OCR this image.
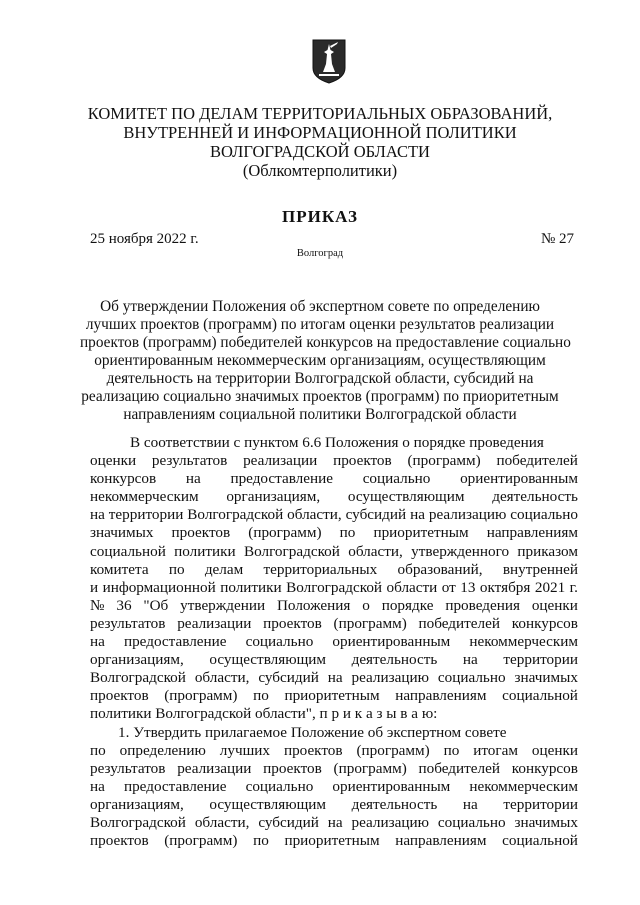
КОМИТЕТ ПО ДЕЛАМ ТЕРРИТОРИАЛЬНЫХ ОБРАЗОВАНИЙ,
ВНУТРЕННЕЙ И ИНФОРМАЦИОННОЙ ПОЛИТИКИ
ВОЛГОГРАДСКОЙ ОБЛАСТИ
(Облкомтерполитики)
ПРИКАЗ
25 ноября 2022 г.	№ 27
Волгоград
Об утверждении Положения об экспертном совете по определению
лучших проектов (программ) по итогам оценки результатов реализации
проектов (программ) победителей конкурсов на предоставление социально
ориентированным некоммерческим организациям, осуществляющим
деятельность на территории Волгоградской области, субсидий на
реализацию социально значимых проектов (программ) по приоритетным
направлениям социальной политики Волгоградской области
В соответствии с пунктом 6.6 Положения о порядке проведения
оценки результатов реализации проектов (программ) победителей
конкурсов на предоставление социально ориентированным
некоммерческим организациям, осуществляющим деятельность
на территории Волгоградской области, субсидий на реализацию социально
значимых проектов (программ) по приоритетным направлениям
социальной политики Волгоградской области, утвержденного приказом
комитета по делам территориальных образований, внутренней
и информационной политики Волгоградской области от 13 октября 2021 г.
№ 36 "Об утверждении Положения о порядке проведения оценки
результатов реализации проектов (программ) победителей конкурсов
на предоставление социально ориентированным некоммерческим
организациям, осуществляющим деятельность на территории
Волгоградской области, субсидий на реализацию социально значимых
проектов (программ) по приоритетным направлениям социальной
политики Волгоградской области", п р и к а з ы в а ю:
1. Утвердить прилагаемое Положение об экспертном совете
по определению лучших проектов (программ) по итогам оценки
результатов реализации проектов (программ) победителей конкурсов
на предоставление социально ориентированным некоммерческим
организациям, осуществляющим деятельность на территории
Волгоградской области, субсидий на реализацию социально значимых
проектов (программ) по приоритетным направлениям социальной
